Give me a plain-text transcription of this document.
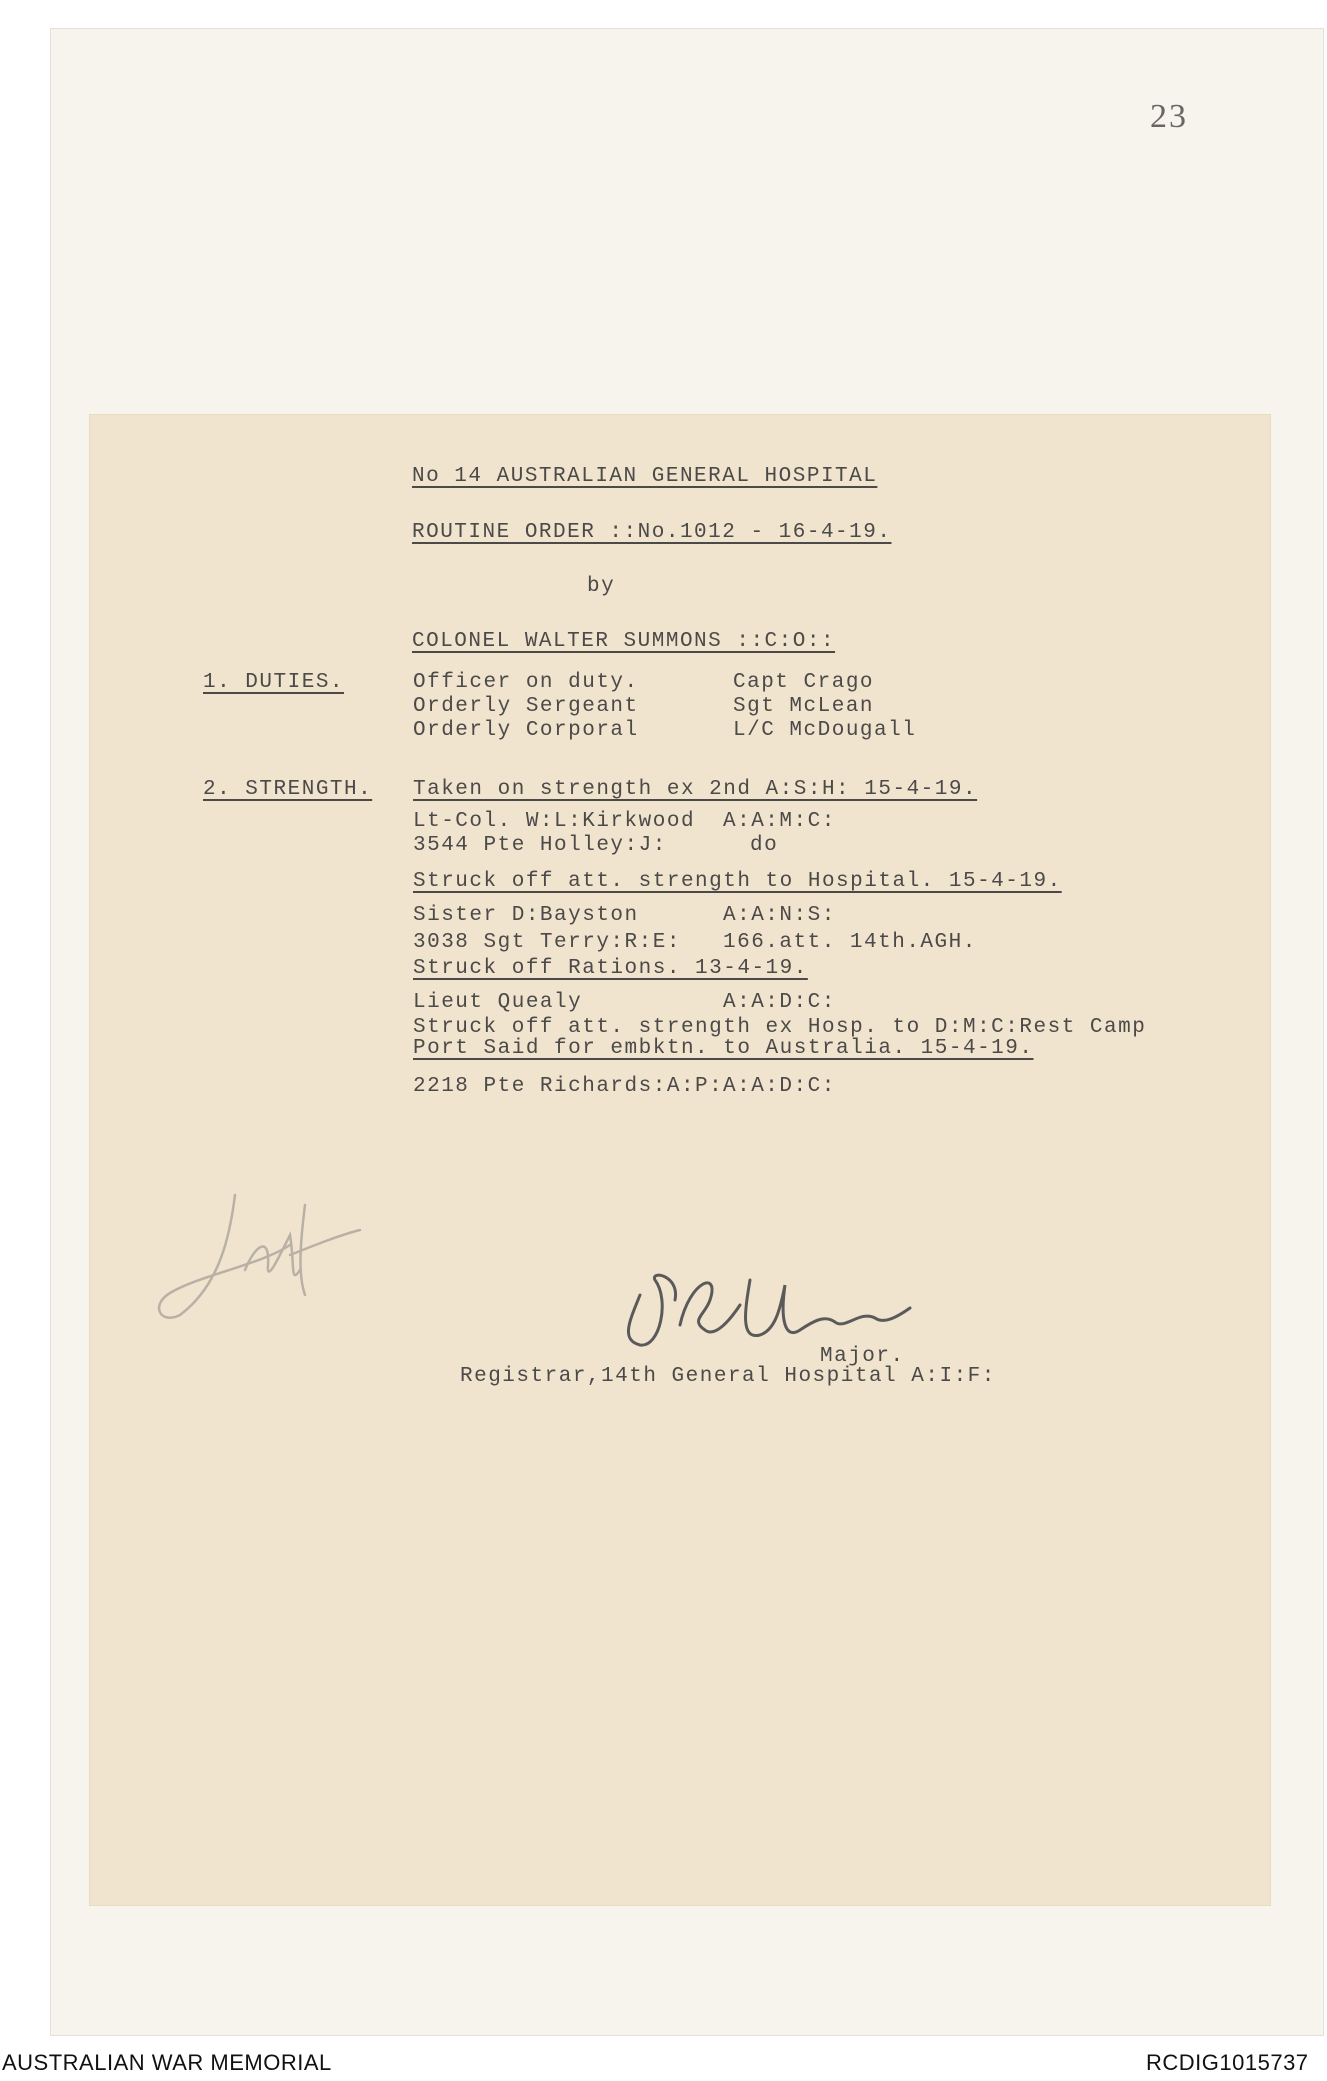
23
No 14 AUSTRALIAN GENERAL HOSPITAL
ROUTINE ORDER ::No.1012 - 16-4-19.
by
COLONEL WALTER SUMMONS ::C:O::
1. DUTIES.	Officer on duty.	Capt Crago
Orderly Sergeant	Sgt McLean
Orderly Corporal	L/C McDougall
2. STRENGTH. Taken on strength ex 2nd A:S:H: 15-4-19.
Lt-Col. W:L:Kirkwood A:A:M:C:
3544 Pte Holley:J:	do
Struck off att. strength to Hospital. 15-4-19.
Sister D:Bayston	A:A:N:S:
3038 Sgt Terry:R:E: 166.att. 14th.AGH.
Struck off Rations. 13-4-19.
Lieut Quealy	A:A:D:C:
Struck off att. strength ex Hosp. to D:M:C:Rest Camp
Port Said for embktn. to Australia. 15-4-19.
2218 Pte Richards:A:P: A:A:D:C:
Major.
Registrar,14th General Hospital A:I:F:
AUSTRALIAN WAR MEMORIAL	RCDIG1015737
